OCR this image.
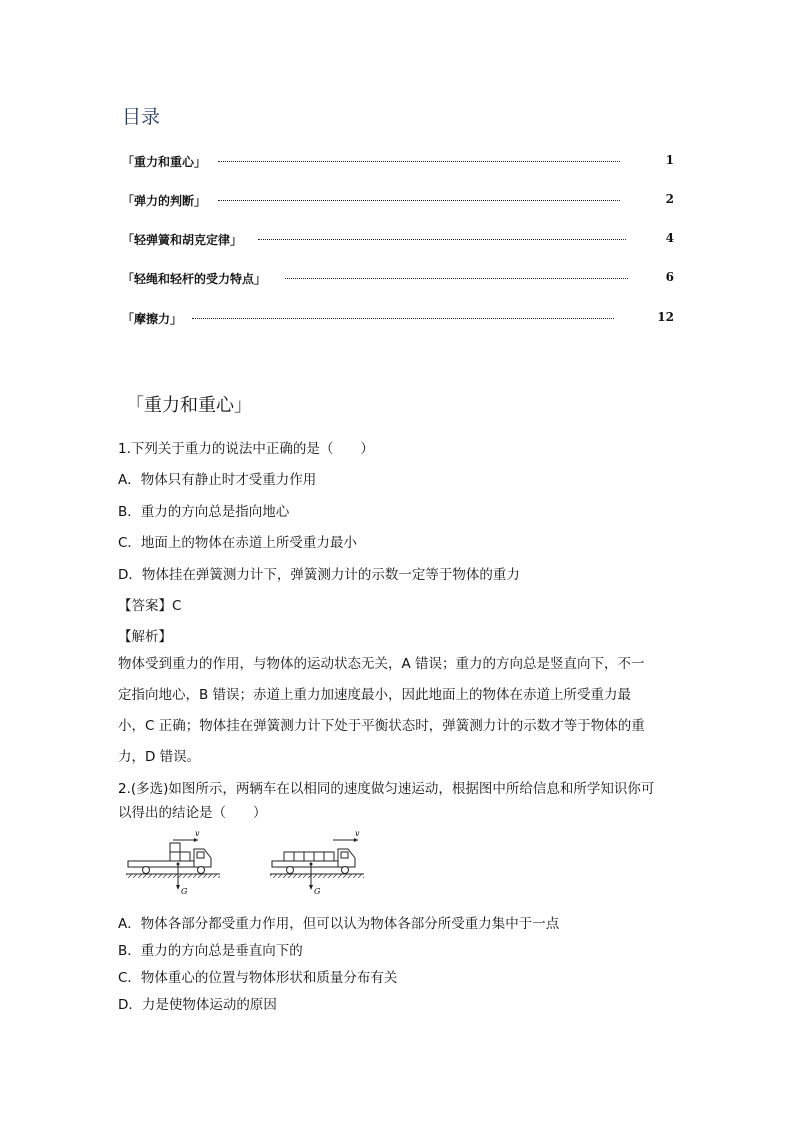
目录
「重力和重心」	1
「弹力的判断」	2
「轻弹簧和胡克定律」	4
「轻绳和轻杆的受力特点」	6
「摩擦力」	12
「重力和重心」
1.下列关于重力的说法中正确的是（　　）
A．物体只有静止时才受重力作用
B．重力的方向总是指向地心
C．地面上的物体在赤道上所受重力最小
D．物体挂在弹簧测力计下，弹簧测力计的示数一定等于物体的重力
【答案】C
【解析】
物体受到重力的作用，与物体的运动状态无关，A 错误；重力的方向总是竖直向下，不一
定指向地心，B 错误；赤道上重力加速度最小，因此地面上的物体在赤道上所受重力最
小，C 正确；物体挂在弹簧测力计下处于平衡状态时，弹簧测力计的示数才等于物体的重
力，D 错误。
2.(多选)如图所示，两辆车在以相同的速度做匀速运动，根据图中所给信息和所学知识你可
以得出的结论是（　　）
v
G
v
G
A．物体各部分都受重力作用，但可以认为物体各部分所受重力集中于一点
B．重力的方向总是垂直向下的
C．物体重心的位置与物体形状和质量分布有关
D．力是使物体运动的原因
